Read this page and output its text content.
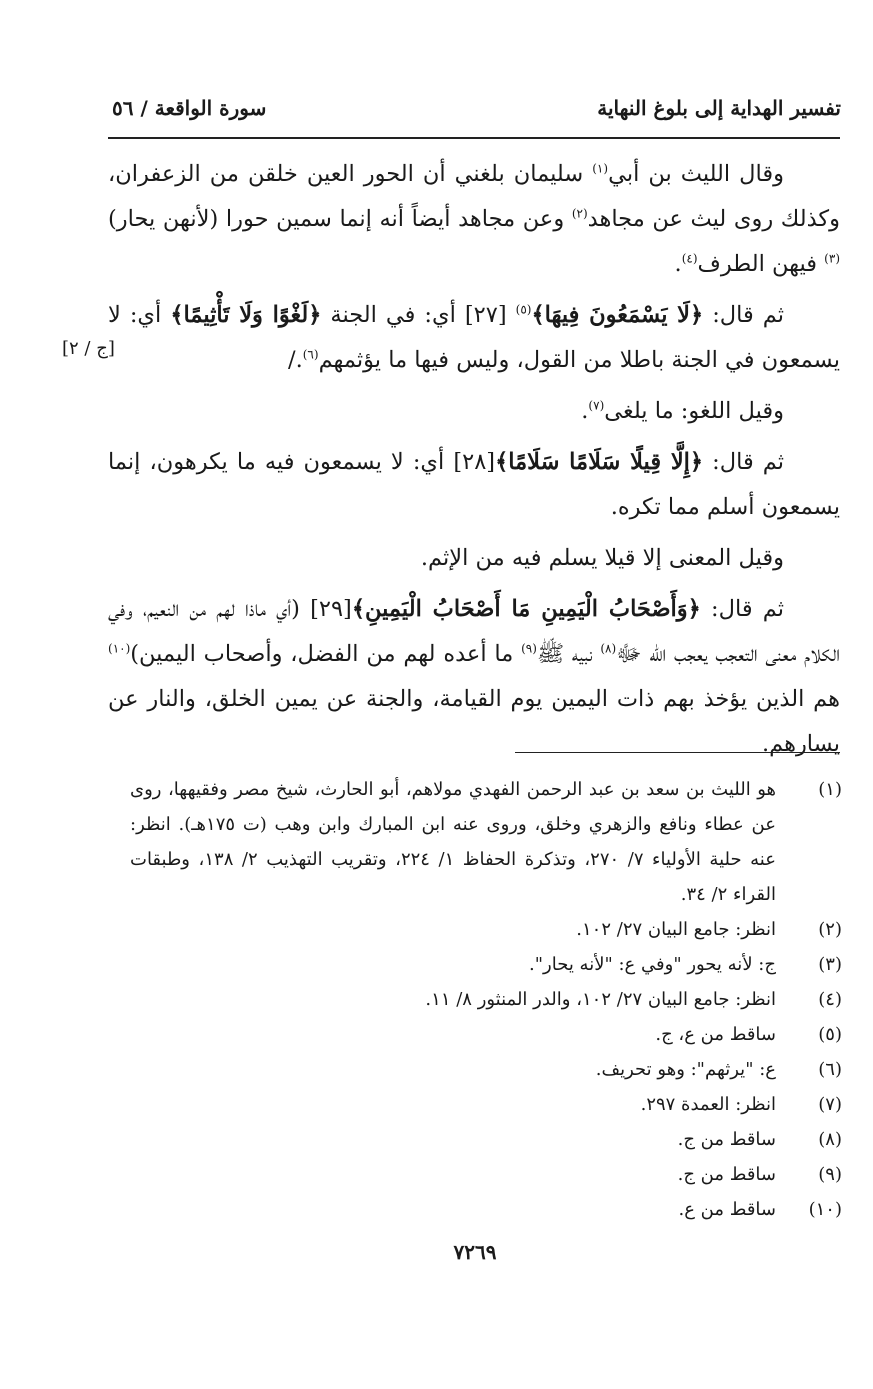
تفسير الهداية إلى بلوغ النهاية
سورة الواقعة / ٥٦
[ج / ٢]

وقال الليث بن أبي$^{(١)}$ سليمان بلغني أن الحور العين خلقن من الزعفران، وكذلك روى ليث عن مجاهد$^{(٢)}$ وعن مجاهد أيضاً أنه إنما سمين حورا (لأنهن يحار)$^{(٣)}$ فيهن الطرف$^{(٤)}$.

ثم قال: ﴿لَا يَسْمَعُونَ فِيهَا﴾$^{(٥)}$ [٢٧] أي: في الجنة ﴿لَغْوًا وَلَا تَأْثِيمًا﴾ أي: لا يسمعون في الجنة باطلا من القول، وليس فيها ما يؤثمهم$^{(٦)}$./

وقيل اللغو: ما يلغى$^{(٧)}$.

ثم قال: ﴿إِلَّا قِيلًا سَلَامًا سَلَامًا﴾[٢٨] أي: لا يسمعون فيه ما يكرهون، إنما يسمعون أسلم مما تكره.

وقيل المعنى إلا قيلا يسلم فيه من الإثم.

ثم قال: ﴿وَأَصْحَابُ الْيَمِينِ مَا أَصْحَابُ الْيَمِينِ﴾[٢٩] (أي ماذا لهم من النعيم، وفي الكلام معنى التعجب يعجب الله ﷻ$^{(٨)}$ نبيه ﷺ$^{(٩)}$ ما أعده لهم من الفضل، وأصحاب اليمين)$^{(١٠)}$ هم الذين يؤخذ بهم ذات اليمين يوم القيامة، والجنة عن يمين الخلق، والنار عن يسارهم.

(١)
هو الليث بن سعد بن عبد الرحمن الفهدي مولاهم، أبو الحارث، شيخ مصر وفقيهها، روى عن عطاء ونافع والزهري وخلق، وروى عنه ابن المبارك وابن وهب (ت ١٧٥هـ). انظر: عنه حلية الأولياء ٧/ ٢٧٠، وتذكرة الحفاظ ١/ ٢٢٤، وتقريب التهذيب ٢/ ١٣٨، وطبقات القراء ٢/ ٣٤.
(٢)
انظر: جامع البيان ٢٧/ ١٠٢.
(٣)
ج: لأنه يحور "وفي ع: "لأنه يحار".
(٤)
انظر: جامع البيان ٢٧/ ١٠٢، والدر المنثور ٨/ ١١.
(٥)
ساقط من ع، ج.
(٦)
ع: "يرثهم": وهو تحريف.
(٧)
انظر: العمدة ٢٩٧.
(٨)
ساقط من ج.
(٩)
ساقط من ج.
(١٠)
ساقط من ع.
٧٢٦٩
